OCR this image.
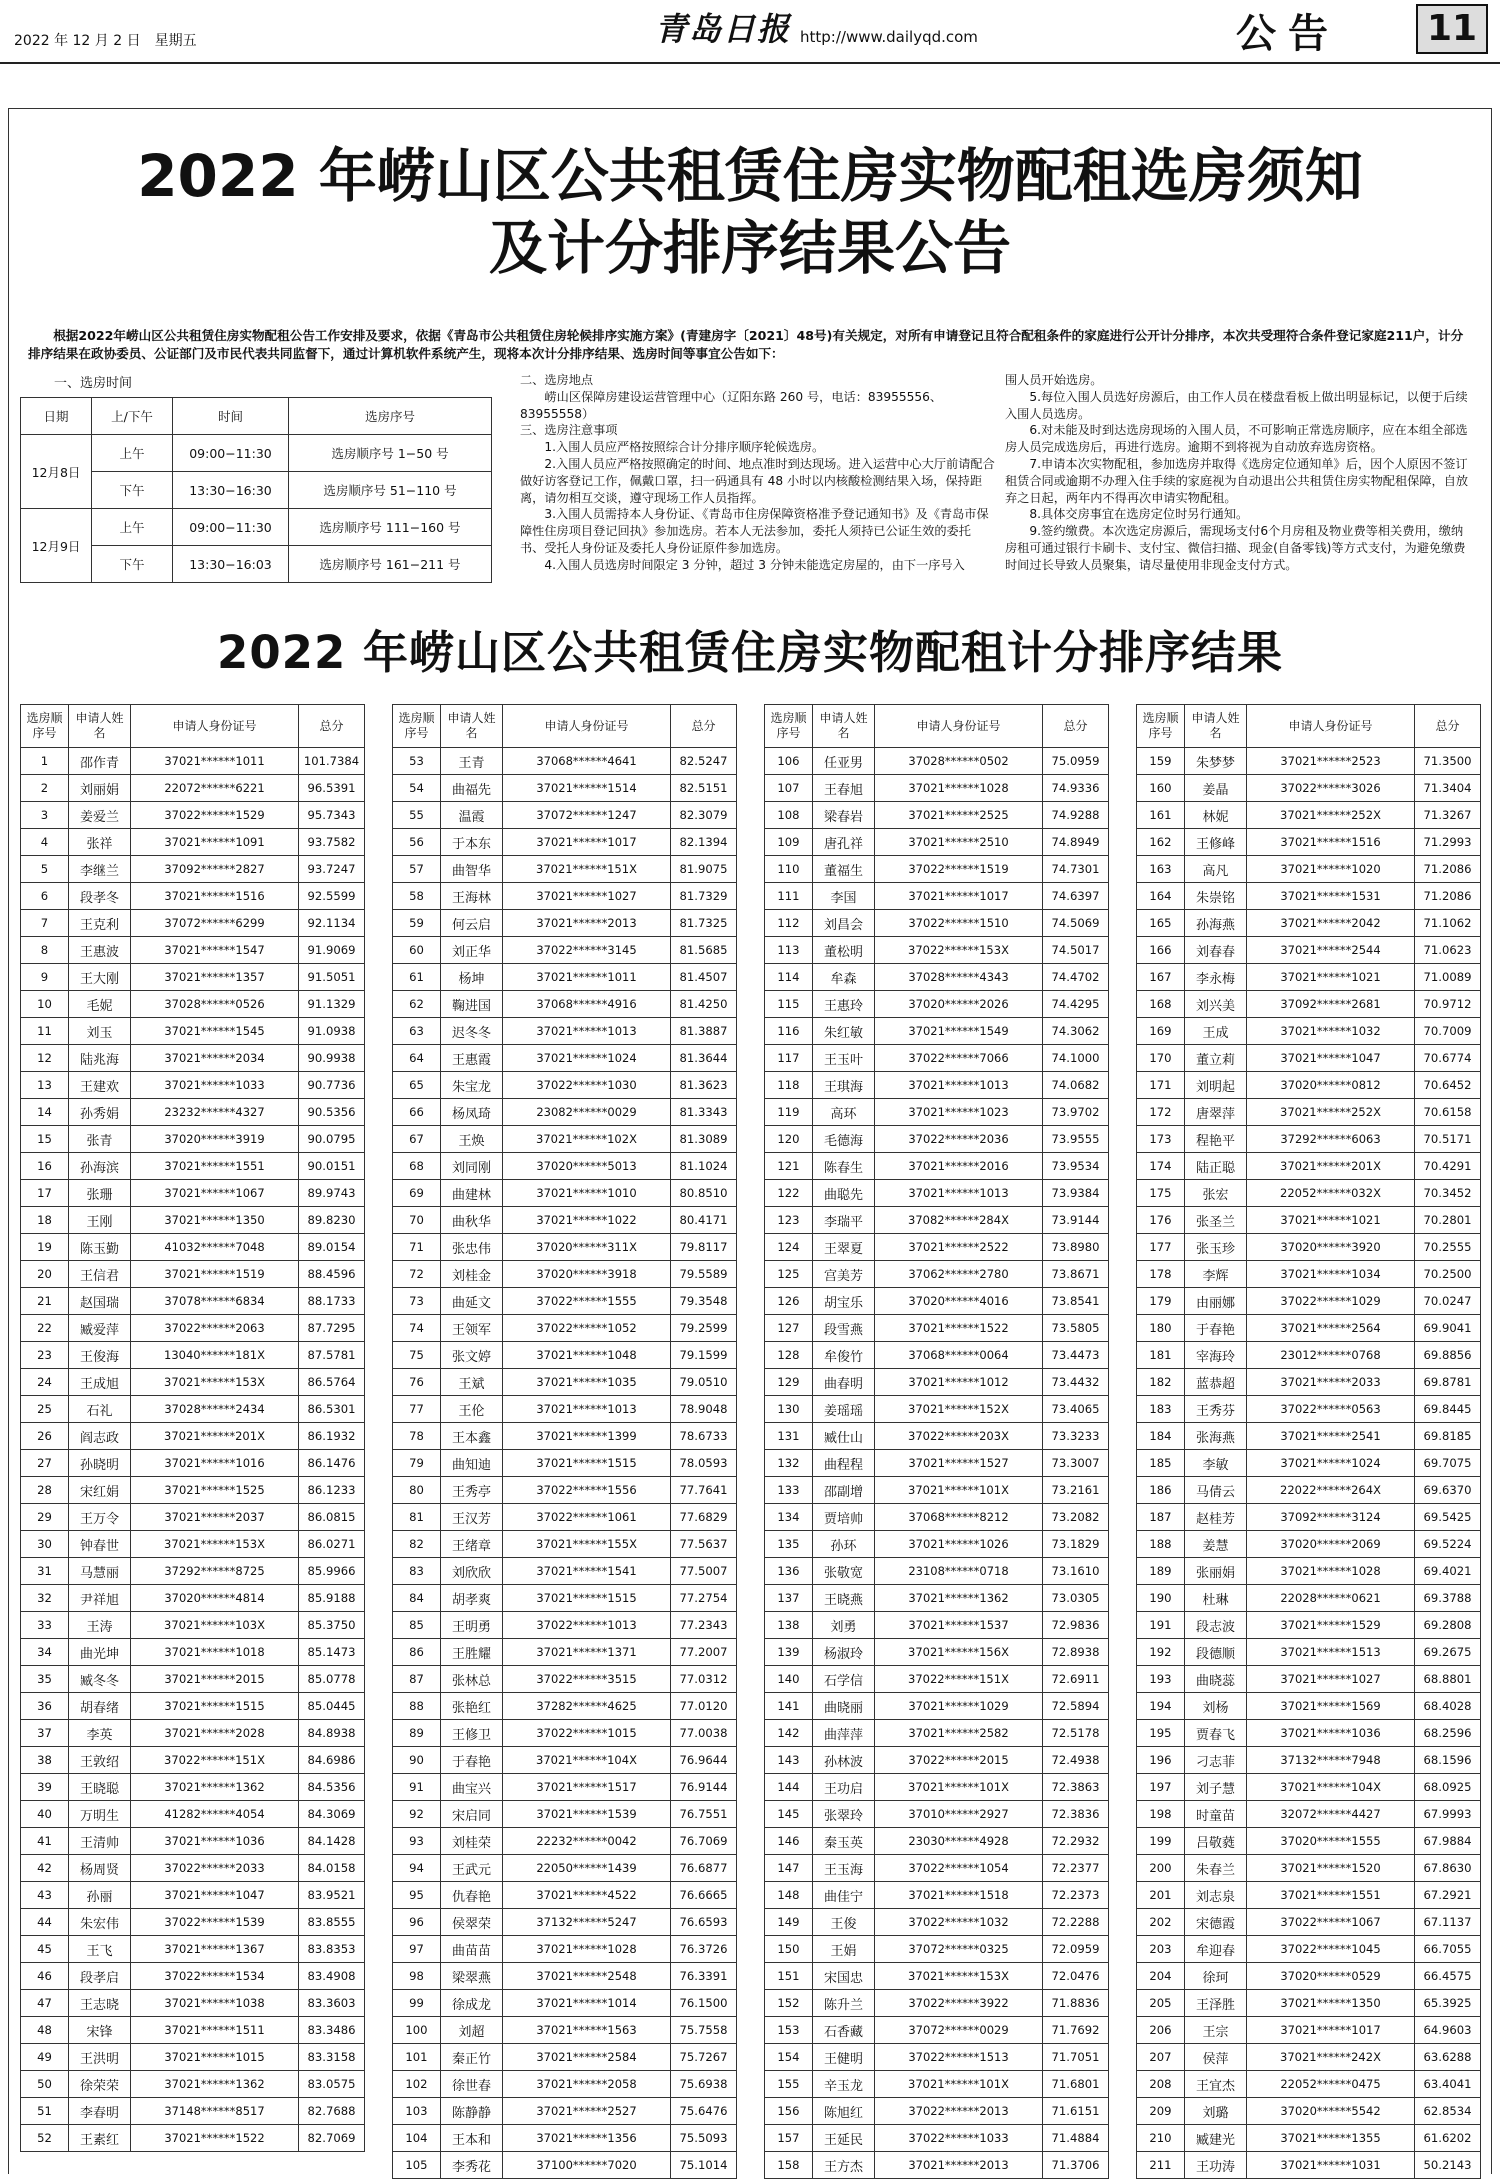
2022 年 12 月 2 日　星期五	青岛日报 http://www.dailyqd.com	公告	11
2022 年崂山区公共租赁住房实物配租选房须知
及计分排序结果公告
根据2022年崂山区公共租赁住房实物配租公告工作安排及要求，依据《青岛市公共租赁住房轮候排序实施方案》(青建房字〔2021〕48号)有关规定，对所有申请登记且符合配租条件的家庭进行公开计分排序，本次共受理符合条件登记家庭211户，计分排序结果在政协委员、公证部门及市民代表共同监督下，通过计算机软件系统产生，现将本次计分排序结果、选房时间等事宜公告如下：
一、选房时间
日期	上/下午	时间	选房序号
12月8日	上午	09:00−11:30	选房顺序号 1−50 号
	下午	13:30−16:30	选房顺序号 51−110 号
12月9日	上午	09:00−11:30	选房顺序号 111−160 号
	下午	13:30−16:03	选房顺序号 161−211 号

二、选房地点

崂山区保障房建设运营管理中心（辽阳东路 260 号，电话：83955556、83955558）

三、选房注意事项

1.入围人员应严格按照综合计分排序顺序轮候选房。

2.入围人员应严格按照确定的时间、地点准时到达现场。进入运营中心大厅前请配合做好访客登记工作，佩戴口罩，扫一码通具有 48 小时以内核酸检测结果入场，保持距离，请勿相互交谈，遵守现场工作人员指挥。

3.入围人员需持本人身份证、《青岛市住房保障资格准予登记通知书》及《青岛市保障性住房项目登记回执》参加选房。若本人无法参加，委托人须持已公证生效的委托书、受托人身份证及委托人身份证原件参加选房。

4.入围人员选房时间限定 3 分钟，超过 3 分钟未能选定房屋的，由下一序号入

围人员开始选房。

5.每位入围人员选好房源后，由工作人员在楼盘看板上做出明显标记，以便于后续入围人员选房。

6.对未能及时到达选房现场的入围人员，不可影响正常选房顺序，应在本组全部选房人员完成选房后，再进行选房。逾期不到将视为自动放弃选房资格。

7.申请本次实物配租，参加选房并取得《选房定位通知单》后，因个人原因不签订租赁合同或逾期不办理入住手续的家庭视为自动退出公共租赁住房实物配租保障，自放弃之日起，两年内不得再次申请实物配租。

8.具体交房事宜在选房定位时另行通知。

9.签约缴费。本次选定房源后，需现场支付6个月房租及物业费等相关费用，缴纳房租可通过银行卡刷卡、支付宝、微信扫描、现金(自备零钱)等方式支付，为避免缴费时间过长导致人员聚集，请尽量使用非现金支付方式。

2022 年崂山区公共租赁住房实物配租计分排序结果
选房顺序号	申请人姓名	申请人身份证号	总分
1	邵作青	37021******1011	101.7384
2	刘丽娟	22072******6221	96.5391
3	姜爱兰	37022******1529	95.7343
4	张祥	37021******1091	93.7582
5	李继兰	37092******2827	93.7247
6	段孝冬	37021******1516	92.5599
7	王克利	37072******6299	92.1134
8	王惠波	37021******1547	91.9069
9	王大刚	37021******1357	91.5051
10	毛妮	37028******0526	91.1329
11	刘玉	37021******1545	91.0938
12	陆兆海	37021******2034	90.9938
13	王建欢	37021******1033	90.7736
14	孙秀娟	23232******4327	90.5356
15	张青	37020******3919	90.0795
16	孙海滨	37021******1551	90.0151
17	张珊	37021******1067	89.9743
18	王刚	37021******1350	89.8230
19	陈玉勤	41032******7048	89.0154
20	王信君	37021******1519	88.4596
21	赵国瑞	37078******6834	88.1733
22	臧爱萍	37022******2063	87.7295
23	王俊海	13040******181X	87.5781
24	王成旭	37021******153X	86.5764
25	石礼	37028******2434	86.5301
26	阎志政	37021******201X	86.1932
27	孙晓明	37021******1016	86.1476
28	宋红娟	37021******1525	86.1233
29	王万令	37021******2037	86.0815
30	钟春世	37021******153X	86.0271
31	马慧丽	37292******8725	85.9966
32	尹祥旭	37020******4814	85.9188
33	王涛	37021******103X	85.3750
34	曲光坤	37021******1018	85.1473
35	臧冬冬	37021******2015	85.0778
36	胡春绪	37021******1515	85.0445
37	李英	37021******2028	84.8938
38	王敦绍	37022******151X	84.6986
39	王晓聪	37021******1362	84.5356
40	万明生	41282******4054	84.3069
41	王清帅	37021******1036	84.1428
42	杨周贤	37022******2033	84.0158
43	孙丽	37021******1047	83.9521
44	朱宏伟	37022******1539	83.8555
45	王飞	37021******1367	83.8353
46	段孝启	37022******1534	83.4908
47	王志晓	37021******1038	83.3603
48	宋锋	37021******1511	83.3486
49	王洪明	37021******1015	83.3158
50	徐荣荣	37021******1362	83.0575
51	李春明	37148******8517	82.7688
52	王素红	37021******1522	82.7069
选房顺序号	申请人姓名	申请人身份证号	总分
53	王青	37068******4641	82.5247
54	曲福先	37021******1514	82.5151
55	温霞	37072******1247	82.3079
56	于本东	37021******1017	82.1394
57	曲智华	37021******151X	81.9075
58	王海林	37021******1027	81.7329
59	何云启	37021******2013	81.7325
60	刘正华	37022******3145	81.5685
61	杨坤	37021******1011	81.4507
62	鞠进国	37068******4916	81.4250
63	迟冬冬	37021******1013	81.3887
64	王惠霞	37021******1024	81.3644
65	朱宝龙	37022******1030	81.3623
66	杨凤琦	23082******0029	81.3343
67	王焕	37021******102X	81.3089
68	刘同刚	37020******5013	81.1024
69	曲建林	37021******1010	80.8510
70	曲秋华	37021******1022	80.4171
71	张忠伟	37020******311X	79.8117
72	刘桂金	37020******3918	79.5589
73	曲延文	37022******1555	79.3548
74	王领军	37022******1052	79.2599
75	张文婷	37021******1048	79.1599
76	王斌	37021******1035	79.0510
77	王伦	37021******1013	78.9048
78	王本鑫	37021******1399	78.6733
79	曲知迪	37021******1515	78.0593
80	王秀亭	37022******1556	77.7641
81	王汉芳	37022******1061	77.6829
82	王绪章	37021******155X	77.5637
83	刘欣欣	37021******1541	77.5007
84	胡孝爽	37021******1515	77.2754
85	王明勇	37022******1013	77.2343
86	王胜耀	37021******1371	77.2007
87	张林总	37022******3515	77.0312
88	张艳红	37282******4625	77.0120
89	王修卫	37022******1015	77.0038
90	于春艳	37021******104X	76.9644
91	曲宝兴	37021******1517	76.9144
92	宋启同	37021******1539	76.7551
93	刘桂荣	22232******0042	76.7069
94	王武元	22050******1439	76.6877
95	仇春艳	37021******4522	76.6665
96	侯翠荣	37132******5247	76.6593
97	曲苗苗	37021******1028	76.3726
98	梁翠燕	37021******2548	76.3391
99	徐成龙	37021******1014	76.1500
100	刘超	37021******1563	75.7558
101	秦正竹	37021******2584	75.7267
102	徐世春	37021******2058	75.6938
103	陈静静	37021******2527	75.6476
104	王本和	37021******1356	75.5093
105	李秀花	37100******7020	75.1014
选房顺序号	申请人姓名	申请人身份证号	总分
106	任亚男	37028******0502	75.0959
107	王春旭	37021******1028	74.9336
108	梁春岩	37021******2525	74.9288
109	唐孔祥	37021******2510	74.8949
110	董福生	37022******1519	74.7301
111	李国	37021******1017	74.6397
112	刘昌会	37022******1510	74.5069
113	董松明	37022******153X	74.5017
114	牟森	37028******4343	74.4702
115	王惠玲	37020******2026	74.4295
116	朱红敏	37021******1549	74.3062
117	王玉叶	37022******7066	74.1000
118	王琪海	37021******1013	74.0682
119	高环	37021******1023	73.9702
120	毛德海	37022******2036	73.9555
121	陈春生	37021******2016	73.9534
122	曲聪先	37021******1013	73.9384
123	李瑞平	37082******284X	73.9144
124	王翠夏	37021******2522	73.8980
125	宫美芳	37062******2780	73.8671
126	胡宝乐	37020******4016	73.8541
127	段雪燕	37021******1522	73.5805
128	牟俊竹	37068******0064	73.4473
129	曲春明	37021******1012	73.4432
130	姜瑶瑶	37021******152X	73.4065
131	臧仕山	37022******203X	73.3233
132	曲程程	37021******1527	73.3007
133	邵副增	37021******101X	73.2161
134	贾培帅	37068******8212	73.2082
135	孙环	37021******1026	73.1829
136	张敬宽	23108******0718	73.1610
137	王晓燕	37021******1362	73.0305
138	刘勇	37021******1537	72.9836
139	杨淑玲	37021******156X	72.8938
140	石学信	37022******151X	72.6911
141	曲晓丽	37021******1029	72.5894
142	曲萍萍	37021******2582	72.5178
143	孙林波	37022******2015	72.4938
144	王功启	37021******101X	72.3863
145	张翠玲	37010******2927	72.3836
146	秦玉英	23030******4928	72.2932
147	王玉海	37022******1054	72.2377
148	曲佳宁	37021******1518	72.2373
149	王俊	37022******1032	72.2288
150	王娟	37072******0325	72.0959
151	宋国忠	37021******153X	72.0476
152	陈升兰	37022******3922	71.8836
153	石香藏	37072******0029	71.7692
154	王健明	37022******1513	71.7051
155	辛玉龙	37021******101X	71.6801
156	陈旭红	37022******2013	71.6151
157	王延民	37022******1033	71.4884
158	王方杰	37021******2013	71.3706
选房顺序号	申请人姓名	申请人身份证号	总分
159	朱梦梦	37021******2523	71.3500
160	姜晶	37022******3026	71.3404
161	林妮	37021******252X	71.3267
162	王修峰	37021******1516	71.2993
163	高凡	37021******1020	71.2086
164	朱崇铭	37021******1531	71.2086
165	孙海燕	37021******2042	71.1062
166	刘春春	37021******2544	71.0623
167	李永梅	37021******1021	71.0089
168	刘兴美	37092******2681	70.9712
169	王成	37021******1032	70.7009
170	董立莉	37021******1047	70.6774
171	刘明起	37020******0812	70.6452
172	唐翠萍	37021******252X	70.6158
173	程艳平	37292******6063	70.5171
174	陆正聪	37021******201X	70.4291
175	张宏	22052******032X	70.3452
176	张圣兰	37021******1021	70.2801
177	张玉珍	37020******3920	70.2555
178	李辉	37021******1034	70.2500
179	由丽娜	37022******1029	70.0247
180	于春艳	37021******2564	69.9041
181	宰海玲	23012******0768	69.8856
182	蓝恭超	37021******2033	69.8781
183	王秀芬	37022******0563	69.8445
184	张海燕	37021******2541	69.8185
185	李敏	37021******1024	69.7075
186	马倩云	22022******264X	69.6370
187	赵桂芳	37092******3124	69.5425
188	姜慧	37020******2069	69.5224
189	张丽娟	37021******1028	69.4021
190	杜琳	22028******0621	69.3788
191	段志波	37021******1529	69.2808
192	段德顺	37021******1513	69.2675
193	曲晓蕊	37021******1027	68.8801
194	刘杨	37021******1569	68.4028
195	贾春飞	37021******1036	68.2596
196	刁志菲	37132******7948	68.1596
197	刘子慧	37021******104X	68.0925
198	时童苗	32072******4427	67.9993
199	吕敬蕤	37020******1555	67.9884
200	朱春兰	37021******1520	67.8630
201	刘志泉	37021******1551	67.2921
202	宋德霞	37022******1067	67.1137
203	牟迎春	37022******1045	66.7055
204	徐珂	37020******0529	66.4575
205	王泽胜	37021******1350	65.3925
206	王宗	37021******1017	64.9603
207	侯萍	37021******242X	63.6288
208	王宜杰	22052******0475	63.4041
209	刘璐	37020******5542	62.8534
210	臧建光	37021******1355	61.6202
211	王功涛	37021******1031	50.2143
